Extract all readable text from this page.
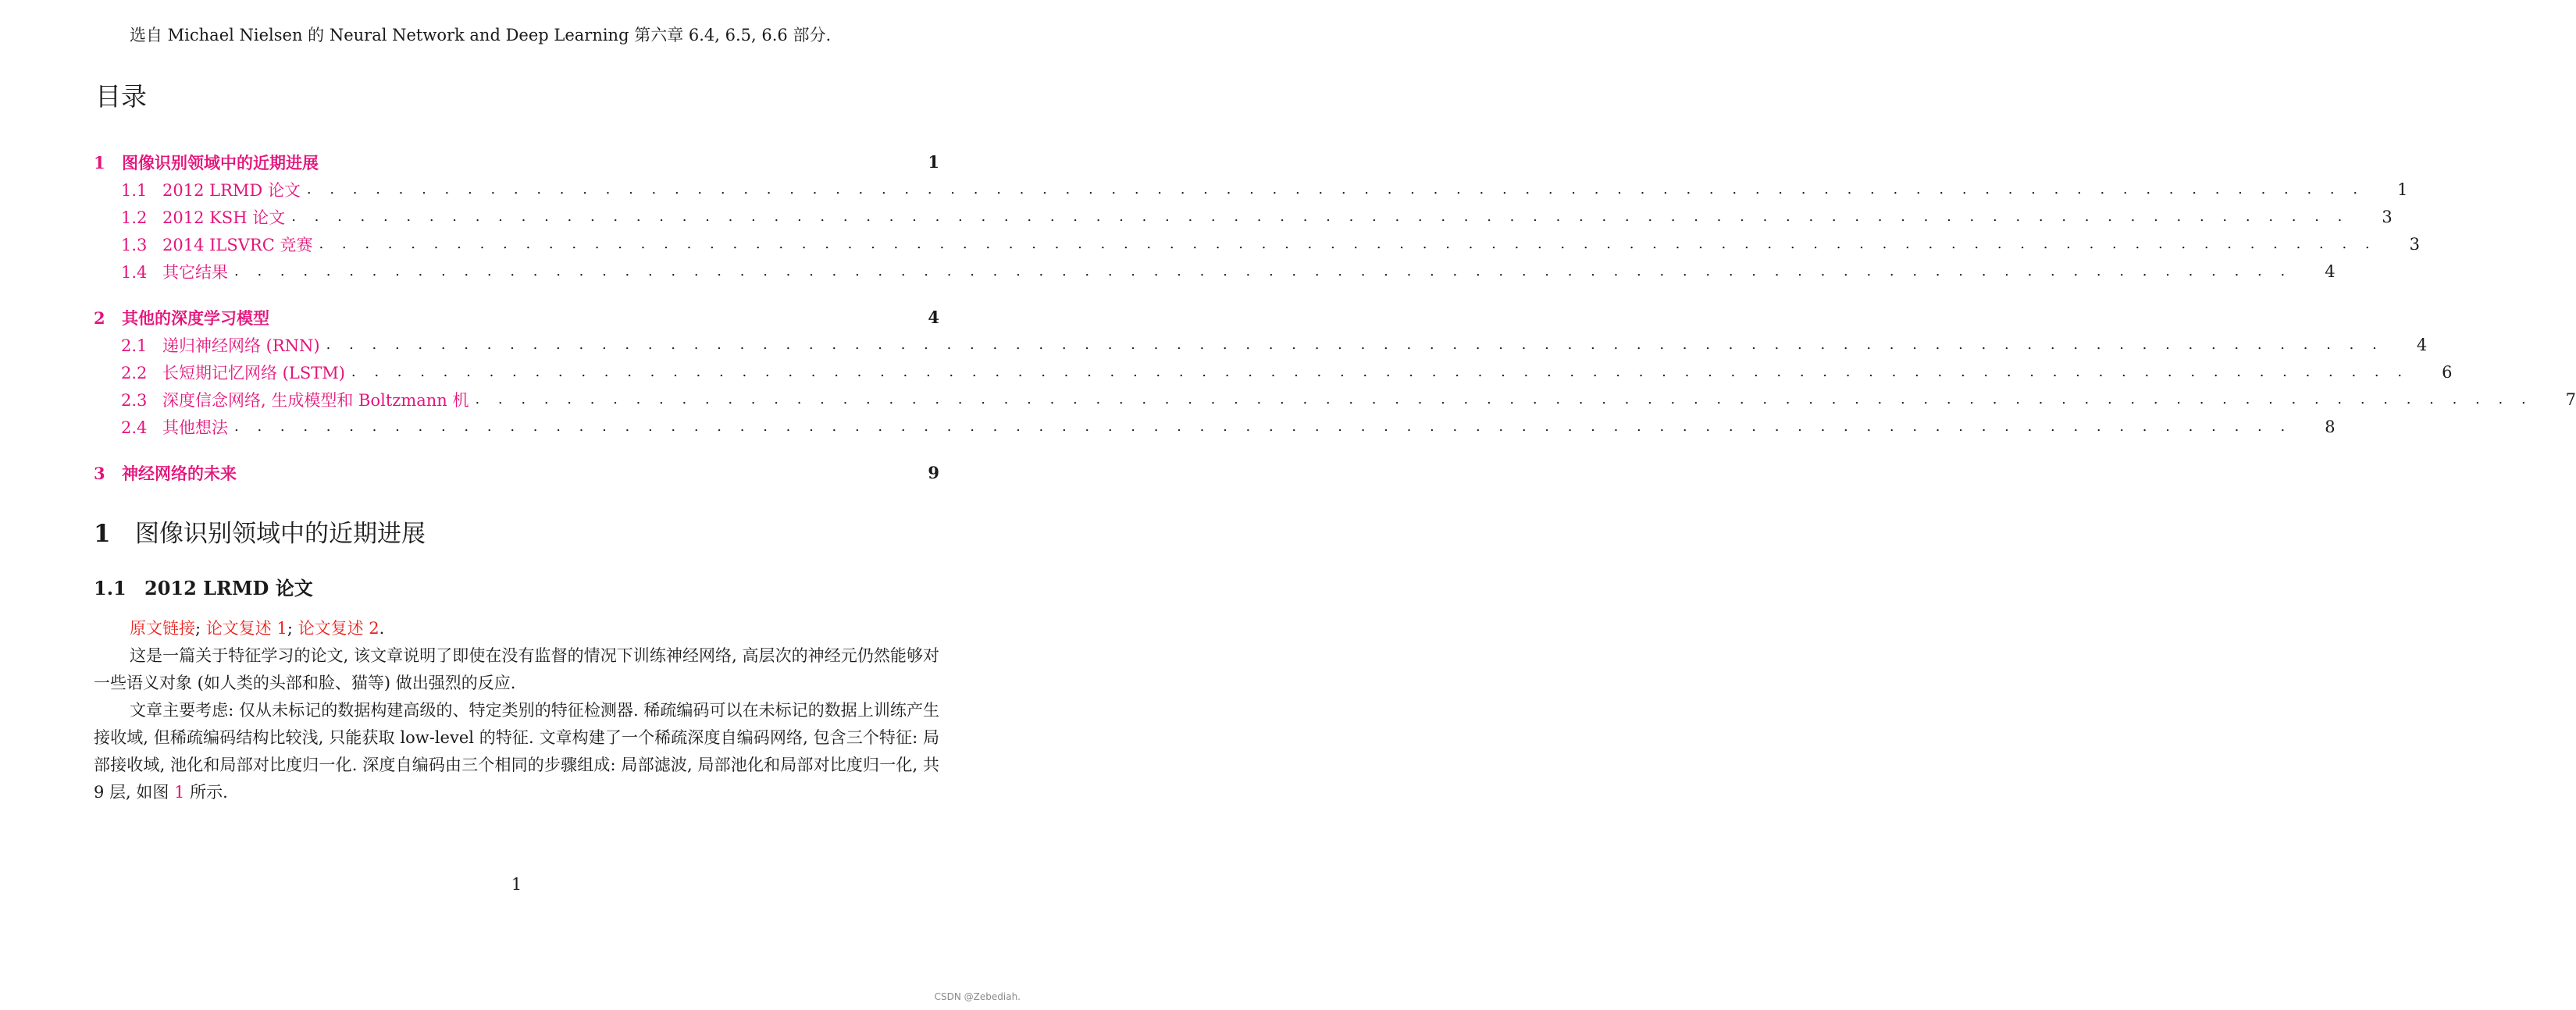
选自 Michael Nielsen 的 Neural Network and Deep Learning 第六章 6.4, 6.5, 6.6 部分.
目录
1 图像识别领域中的近期进展	1
1.1 2012 LRMD 论文 . . . . . . . . . . . . . . . . . . . . . . . . . . . . . . . . . . . . . . . . . . . . . . . . . . . . . . . . . . . . . . . . . . . . . . . . . . . . . . . . . . . . . . . . . . 1
1.2 2012 KSH 论文 . . . . . . . . . . . . . . . . . . . . . . . . . . . . . . . . . . . . . . . . . . . . . . . . . . . . . . . . . . . . . . . . . . . . . . . . . . . . . . . . . . . . . . . . . . 3
1.3 2014 ILSVRC 竞赛 . . . . . . . . . . . . . . . . . . . . . . . . . . . . . . . . . . . . . . . . . . . . . . . . . . . . . . . . . . . . . . . . . . . . . . . . . . . . . . . . . . . . . . . . . . 3
1.4 其它结果 . . . . . . . . . . . . . . . . . . . . . . . . . . . . . . . . . . . . . . . . . . . . . . . . . . . . . . . . . . . . . . . . . . . . . . . . . . . . . . . . . . . . . . . . . . 4
2 其他的深度学习模型	4
2.1 递归神经网络 (RNN) . . . . . . . . . . . . . . . . . . . . . . . . . . . . . . . . . . . . . . . . . . . . . . . . . . . . . . . . . . . . . . . . . . . . . . . . . . . . . . . . . . . . . . . . . . 4
2.2 长短期记忆网络 (LSTM) . . . . . . . . . . . . . . . . . . . . . . . . . . . . . . . . . . . . . . . . . . . . . . . . . . . . . . . . . . . . . . . . . . . . . . . . . . . . . . . . . . . . . . . . . . 6
2.3 深度信念网络, 生成模型和 Boltzmann 机 . . . . . . . . . . . . . . . . . . . . . . . . . . . . . . . . . . . . . . . . . . . . . . . . . . . . . . . . . . . . . . . . . . . . . . . . . . . . . . . . . . . . . . . . . . 7
2.4 其他想法 . . . . . . . . . . . . . . . . . . . . . . . . . . . . . . . . . . . . . . . . . . . . . . . . . . . . . . . . . . . . . . . . . . . . . . . . . . . . . . . . . . . . . . . . . . 8
3 神经网络的未来	9
1 图像识别领域中的近期进展
1.1 2012 LRMD 论文

原文链接; 论文复述 1; 论文复述 2.

这是一篇关于特征学习的论文, 该文章说明了即使在没有监督的情况下训练神经网络, 高层次的神经元仍然能够对一些语义对象 (如人类的头部和脸、猫等) 做出强烈的反应.

文章主要考虑: 仅从未标记的数据构建高级的、特定类别的特征检测器. 稀疏编码可以在未标记的数据上训练产生接收域, 但稀疏编码结构比较浅, 只能获取 low-level 的特征. 文章构建了一个稀疏深度自编码网络, 包含三个特征: 局部接收域, 池化和局部对比度归一化. 深度自编码由三个相同的步骤组成: 局部滤波, 局部池化和局部对比度归一化, 共 9 层, 如图 1 所示.

1
CSDN @Zebediah.
